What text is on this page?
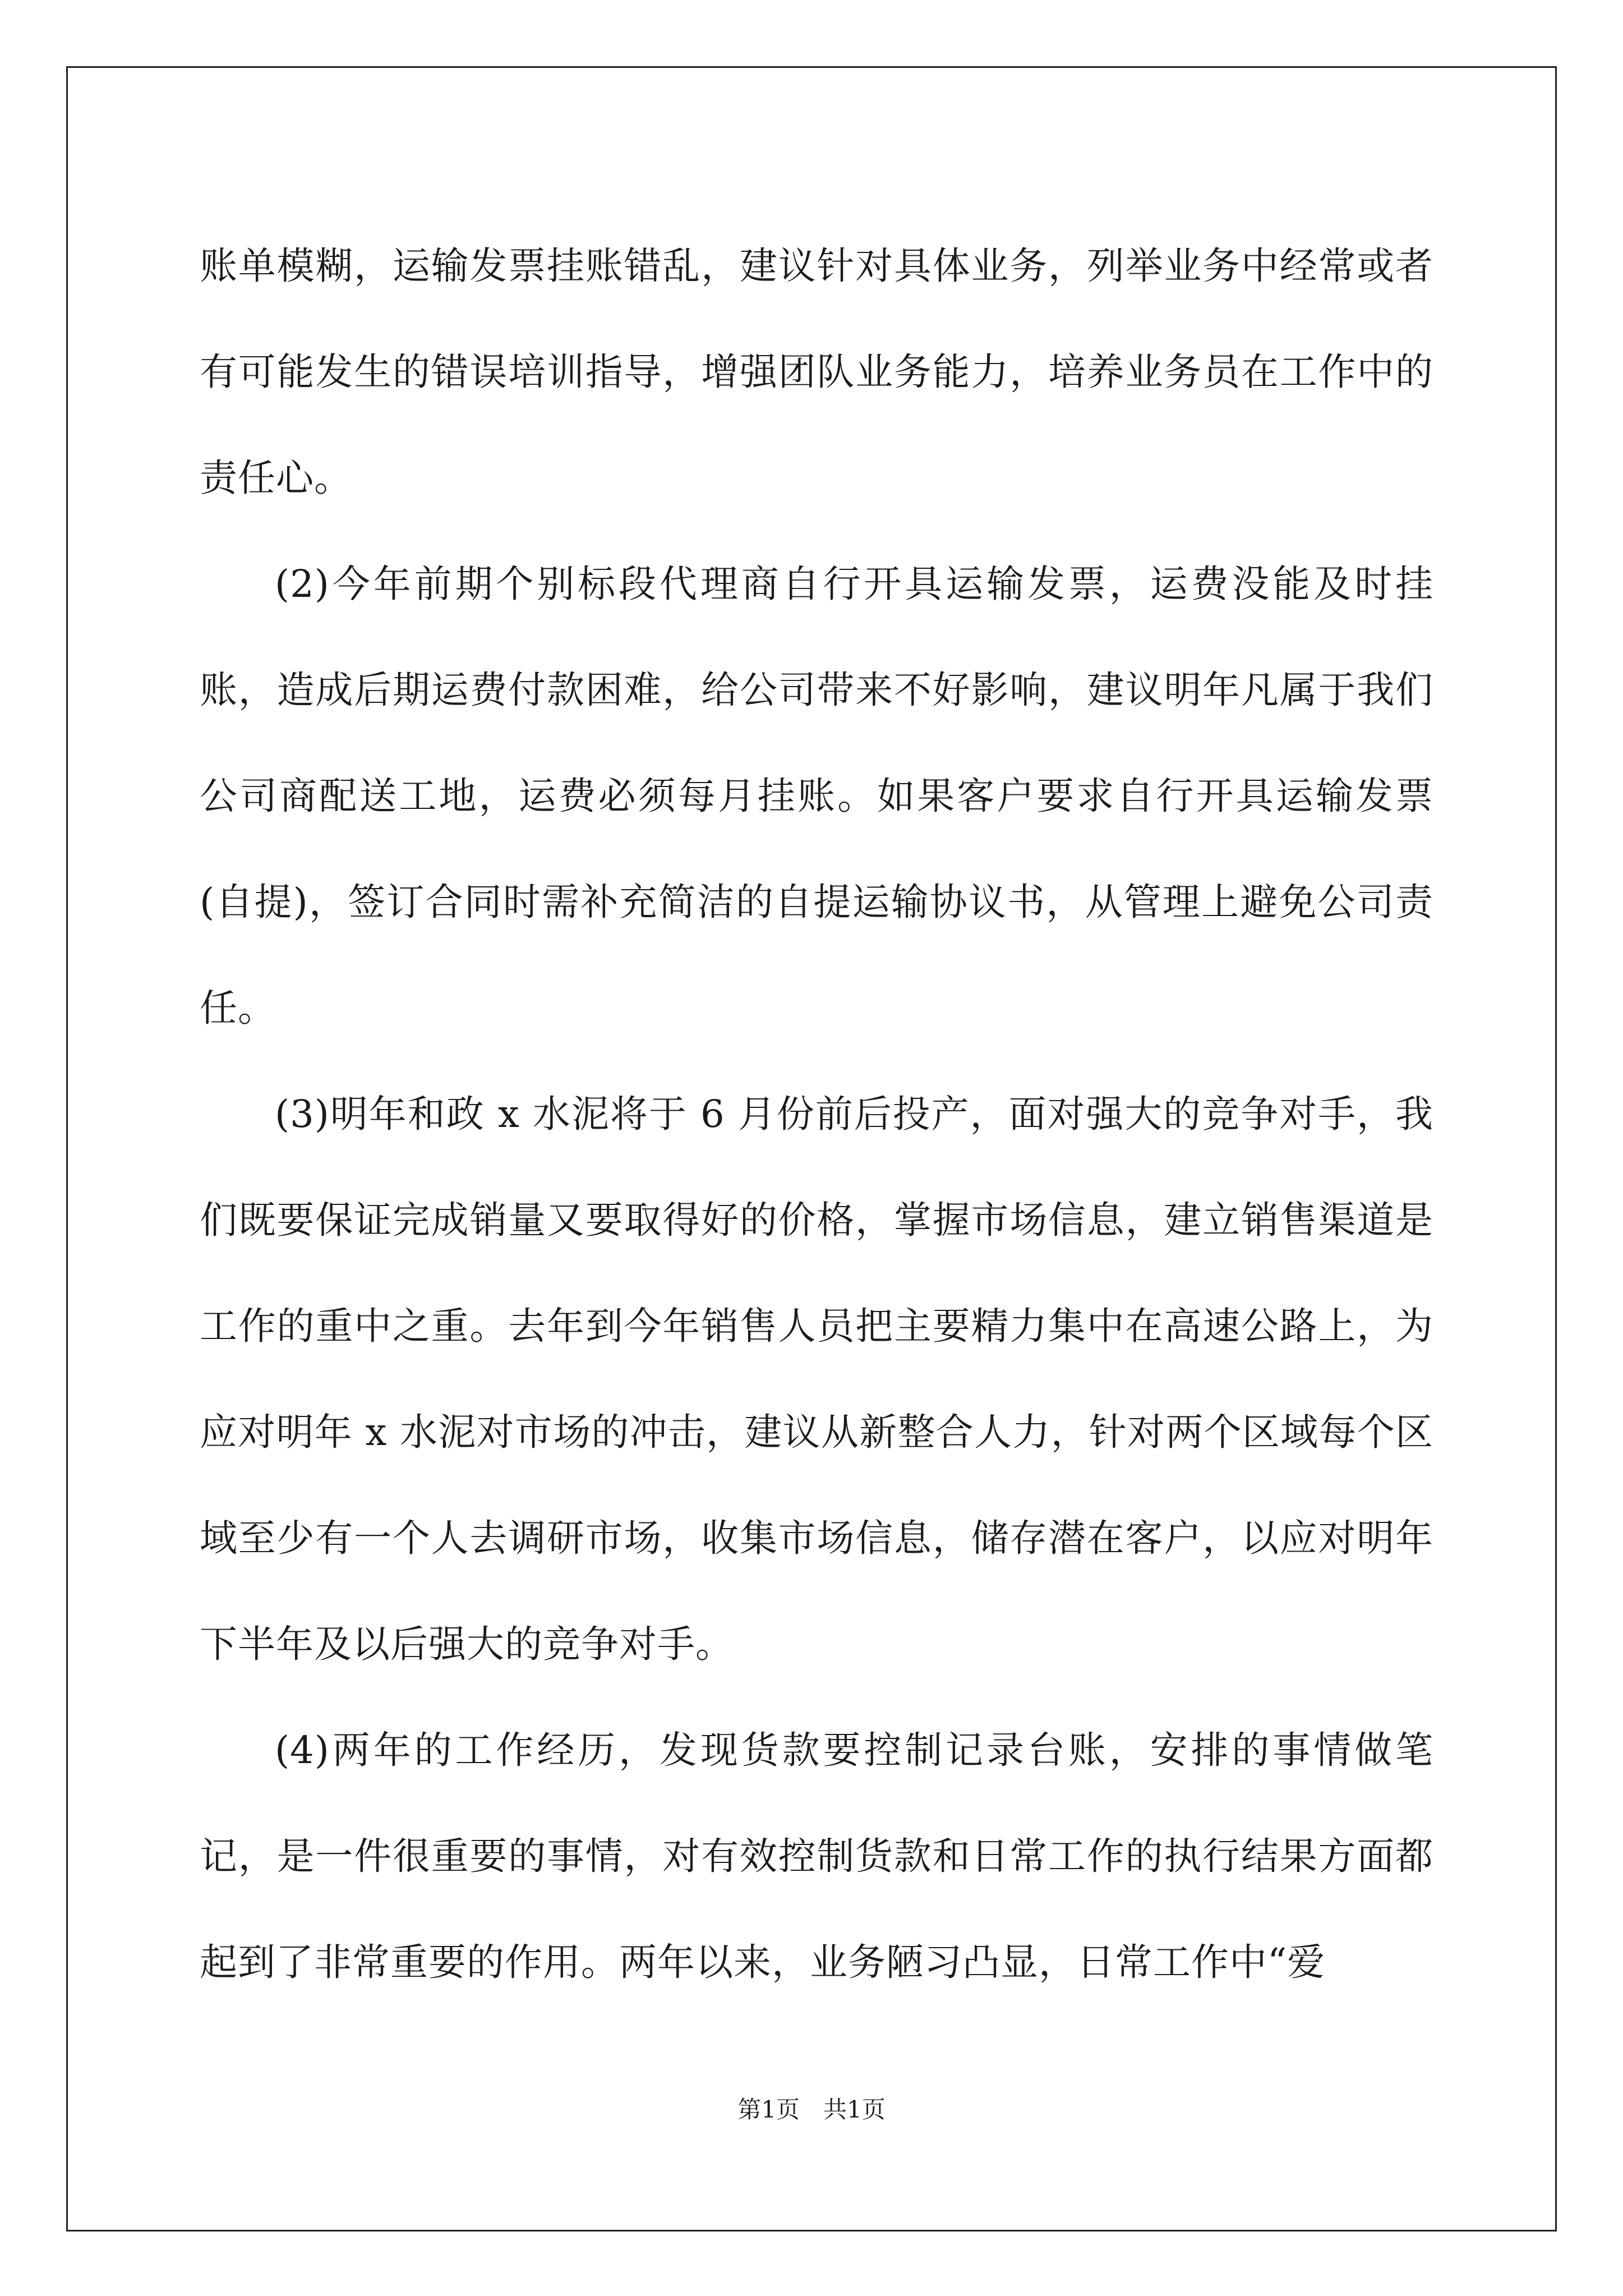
账单模糊，运输发票挂账错乱，建议针对具体业务，列举业务中经常或者有可能发生的错误培训指导，增强团队业务能力，培养业务员在工作中的责任心。

(2)今年前期个别标段代理商自行开具运输发票，运费没能及时挂账，造成后期运费付款困难，给公司带来不好影响，建议明年凡属于我们公司商配送工地，运费必须每月挂账。如果客户要求自行开具运输发票(自提)，签订合同时需补充简洁的自提运输协议书，从管理上避免公司责任。

(3)明年和政 x 水泥将于 6 月份前后投产，面对强大的竞争对手，我们既要保证完成销量又要取得好的价格，掌握市场信息，建立销售渠道是工作的重中之重。去年到今年销售人员把主要精力集中在高速公路上，为应对明年 x 水泥对市场的冲击，建议从新整合人力，针对两个区域每个区域至少有一个人去调研市场，收集市场信息，储存潜在客户，以应对明年下半年及以后强大的竞争对手。

(4)两年的工作经历，发现货款要控制记录台账，安排的事情做笔记，是一件很重要的事情，对有效控制货款和日常工作的执行结果方面都起到了非常重要的作用。两年以来，业务陋习凸显，日常工作中“爱

第1页　共1页
